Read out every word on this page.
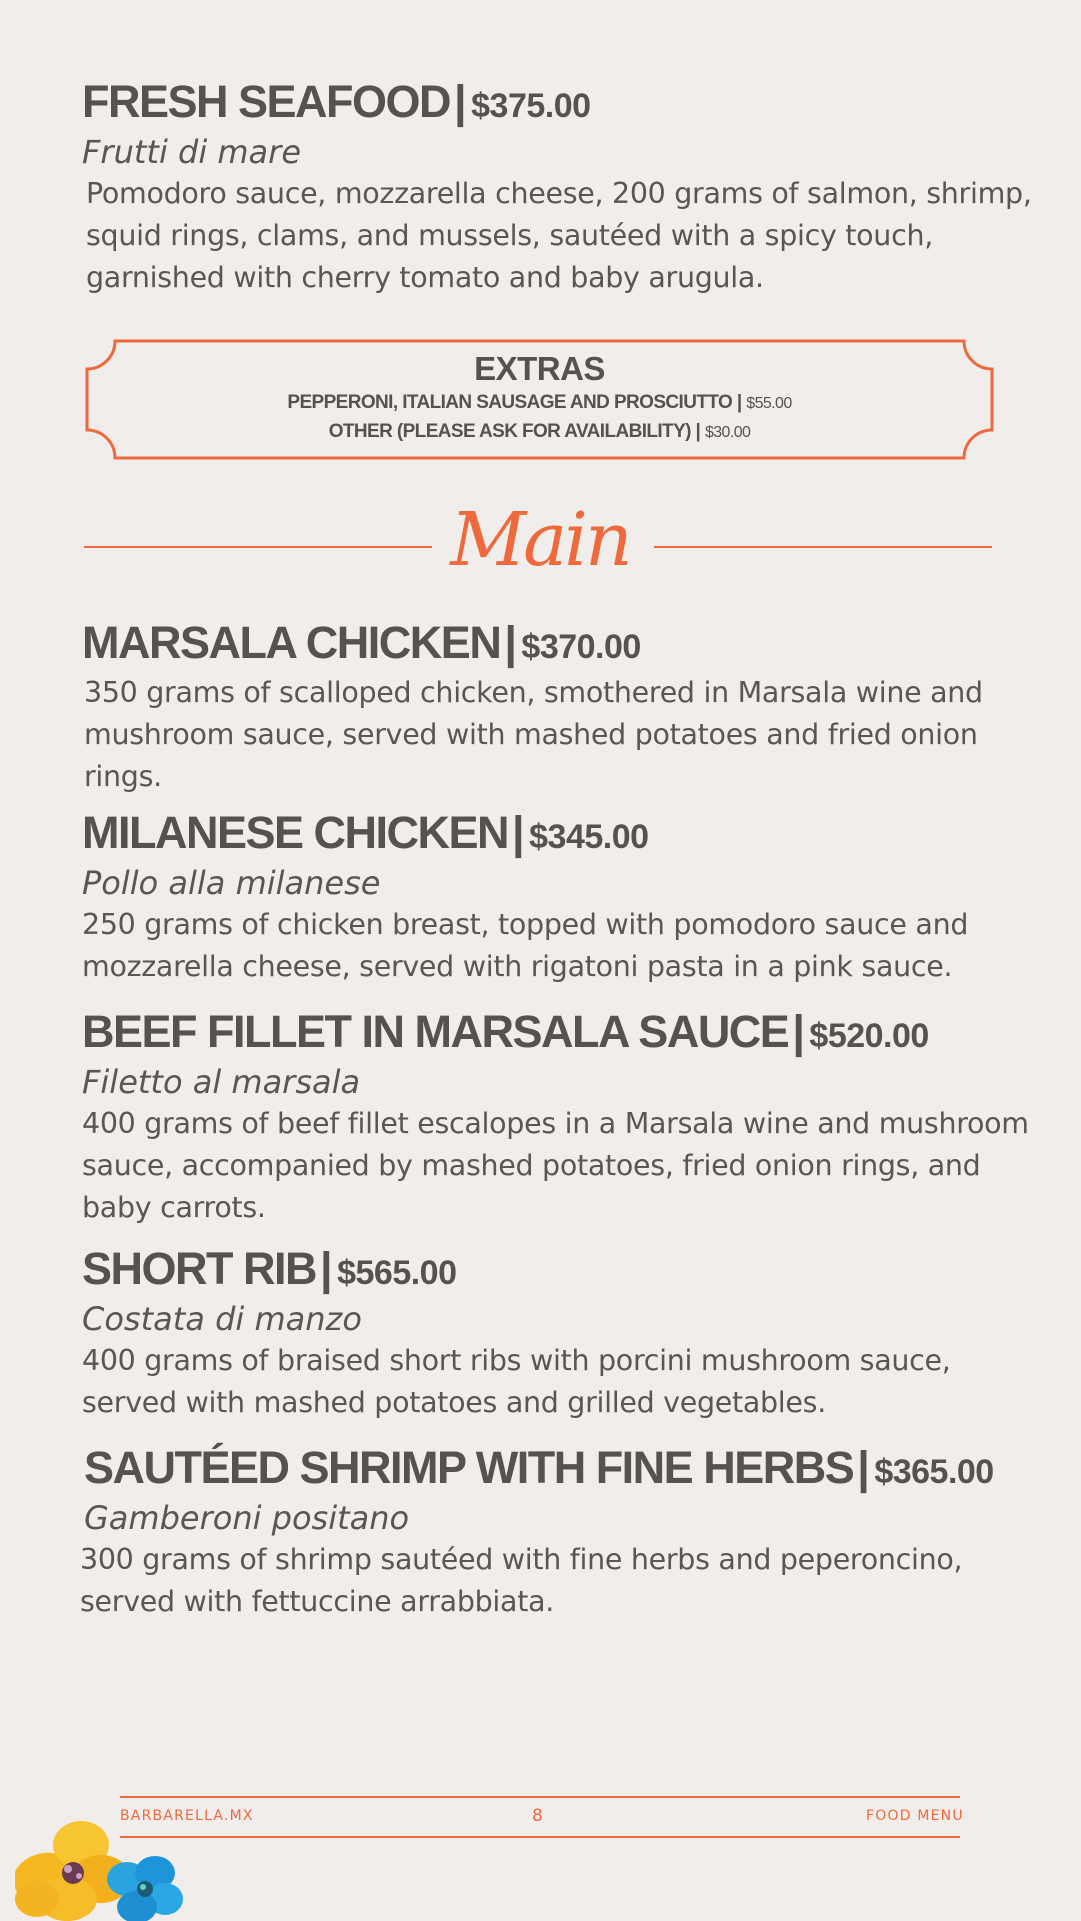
FRESH SEAFOOD| $375.00
Frutti di mare
Pomodoro sauce, mozzarella cheese, 200 grams of salmon, shrimp, squid rings, clams, and mussels, sautéed with a spicy touch, garnished with cherry tomato and baby arugula.
EXTRAS
PEPPERONI, ITALIAN SAUSAGE AND PROSCIUTTO | $55.00
OTHER (PLEASE ASK FOR AVAILABILITY) | $30.00
Main
MARSALA CHICKEN| $370.00
350 grams of scalloped chicken, smothered in Marsala wine and mushroom sauce, served with mashed potatoes and fried onion rings.
MILANESE CHICKEN| $345.00
Pollo alla milanese
250 grams of chicken breast, topped with pomodoro sauce and mozzarella cheese, served with rigatoni pasta in a pink sauce.
BEEF FILLET IN MARSALA SAUCE| $520.00
Filetto al marsala
400 grams of beef fillet escalopes in a Marsala wine and mushroom sauce, accompanied by mashed potatoes, fried onion rings, and baby carrots.
SHORT RIB| $565.00
Costata di manzo
400 grams of braised short ribs with porcini mushroom sauce, served with mashed potatoes and grilled vegetables.
SAUTÉED SHRIMP WITH FINE HERBS| $365.00
Gamberoni positano
300 grams of shrimp sautéed with fine herbs and peperoncino, served with fettuccine arrabbiata.
BARBARELLA.MX	8	FOOD MENU
